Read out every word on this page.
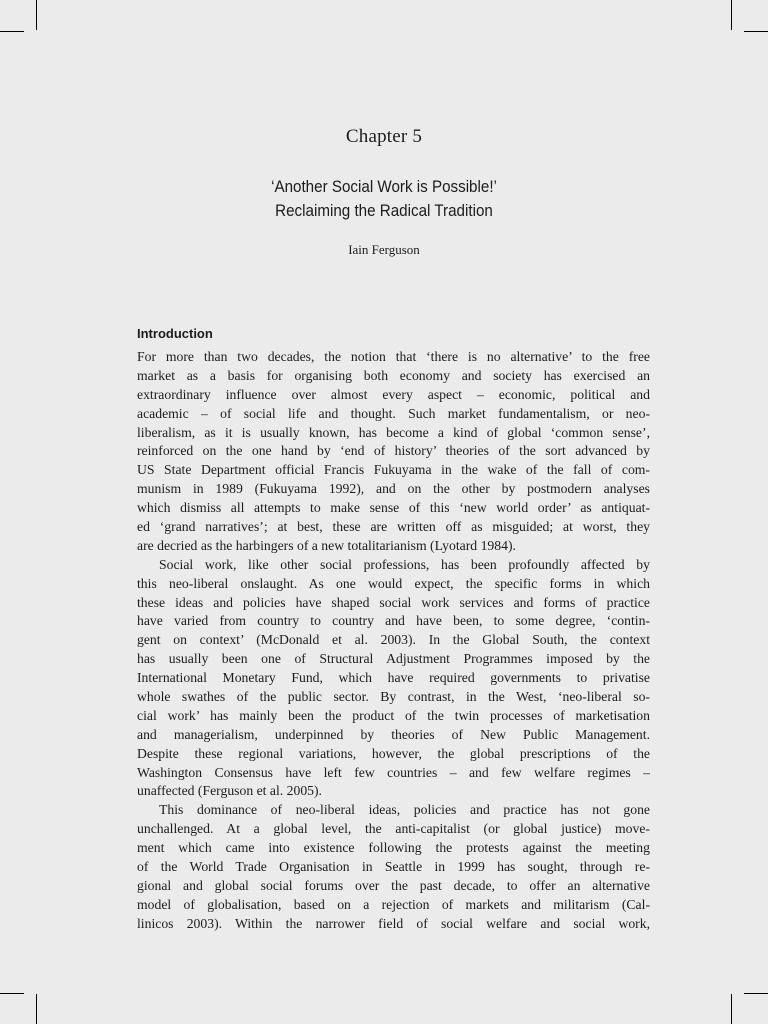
Chapter 5
‘Another Social Work is Possible!’
Reclaiming the Radical Tradition
Iain Ferguson
Introduction
For more than two decades, the notion that ‘there is no alternative’ to the free
market as a basis for organising both economy and society has exercised an
extraordinary influence over almost every aspect – economic, political and
academic – of social life and thought. Such market fundamentalism, or neo-
liberalism, as it is usually known, has become a kind of global ‘common sense’,
reinforced on the one hand by ‘end of history’ theories of the sort advanced by
US State Department official Francis Fukuyama in the wake of the fall of com-
munism in 1989 (Fukuyama 1992), and on the other by postmodern analyses
which dismiss all attempts to make sense of this ‘new world order’ as antiquat-
ed ‘grand narratives’; at best, these are written off as misguided; at worst, they
are decried as the harbingers of a new totalitarianism (Lyotard 1984).
Social work, like other social professions, has been profoundly affected by
this neo-liberal onslaught. As one would expect, the specific forms in which
these ideas and policies have shaped social work services and forms of practice
have varied from country to country and have been, to some degree, ‘contin-
gent on context’ (McDonald et al. 2003). In the Global South, the context
has usually been one of Structural Adjustment Programmes imposed by the
International Monetary Fund, which have required governments to privatise
whole swathes of the public sector. By contrast, in the West, ‘neo-liberal so-
cial work’ has mainly been the product of the twin processes of marketisation
and managerialism, underpinned by theories of New Public Management.
Despite these regional variations, however, the global prescriptions of the
Washington Consensus have left few countries – and few welfare regimes –
unaffected (Ferguson et al. 2005).
This dominance of neo-liberal ideas, policies and practice has not gone
unchallenged. At a global level, the anti-capitalist (or global justice) move-
ment which came into existence following the protests against the meeting
of the World Trade Organisation in Seattle in 1999 has sought, through re-
gional and global social forums over the past decade, to offer an alternative
model of globalisation, based on a rejection of markets and militarism (Cal-
linicos 2003). Within the narrower field of social welfare and social work,
